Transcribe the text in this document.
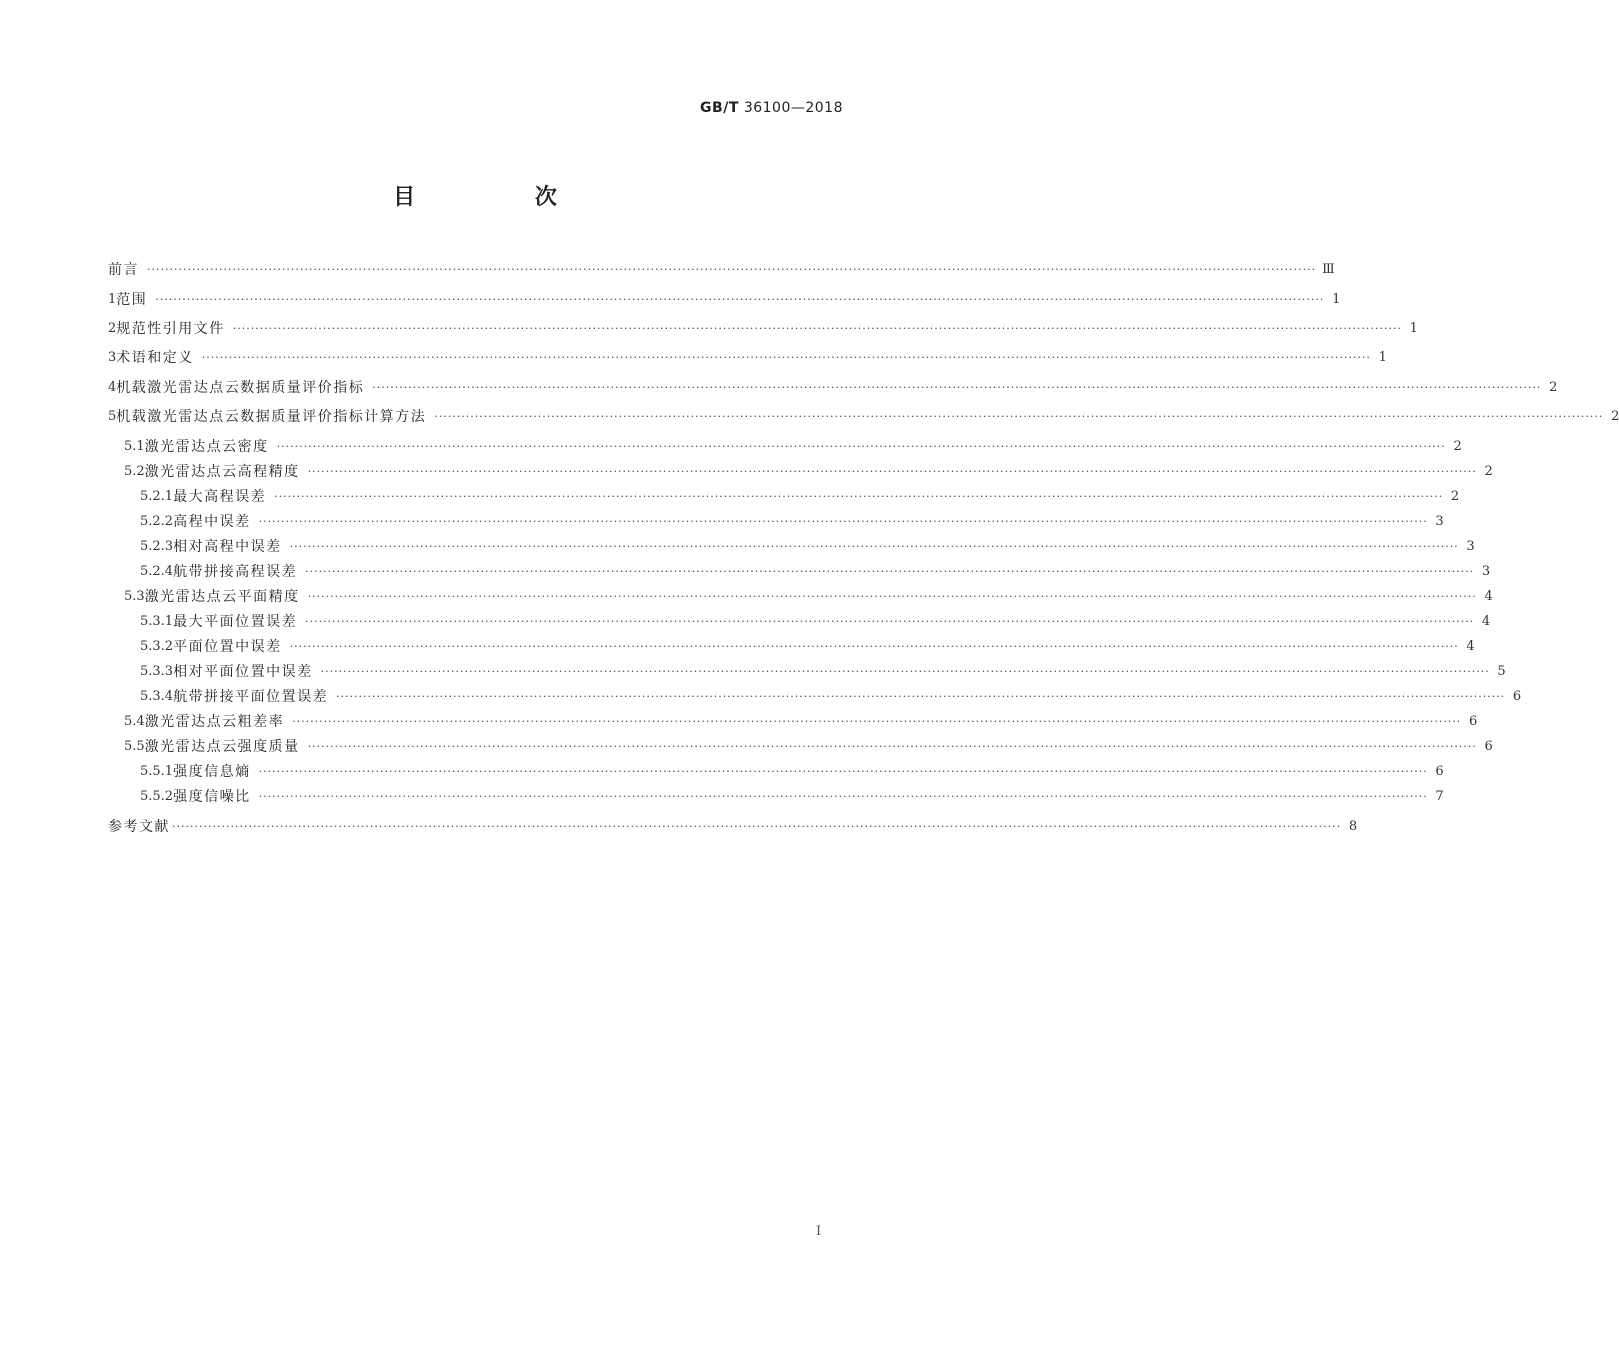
GB/T 36100—2018
目 次
前言 ···································································································································································································································································· Ⅲ
1 范围 ···································································································································································································································································· 1
2 规范性引用文件 ···································································································································································································································································· 1
3 术语和定义 ···································································································································································································································································· 1
4 机载激光雷达点云数据质量评价指标 ···································································································································································································································································· 2
5 机载激光雷达点云数据质量评价指标计算方法 ···································································································································································································································································· 2
5.1 激光雷达点云密度 ···································································································································································································································································· 2
5.2 激光雷达点云高程精度 ···································································································································································································································································· 2
5.2.1 最大高程误差 ···································································································································································································································································· 2
5.2.2 高程中误差 ···································································································································································································································································· 3
5.2.3 相对高程中误差 ···································································································································································································································································· 3
5.2.4 航带拼接高程误差 ···································································································································································································································································· 3
5.3 激光雷达点云平面精度 ···································································································································································································································································· 4
5.3.1 最大平面位置误差 ···································································································································································································································································· 4
5.3.2 平面位置中误差 ···································································································································································································································································· 4
5.3.3 相对平面位置中误差 ···································································································································································································································································· 5
5.3.4 航带拼接平面位置误差 ···································································································································································································································································· 6
5.4 激光雷达点云粗差率 ···································································································································································································································································· 6
5.5 激光雷达点云强度质量 ···································································································································································································································································· 6
5.5.1 强度信息熵 ···································································································································································································································································· 6
5.5.2 强度信噪比 ···································································································································································································································································· 7
参考文献 ···································································································································································································································································· 8
I
